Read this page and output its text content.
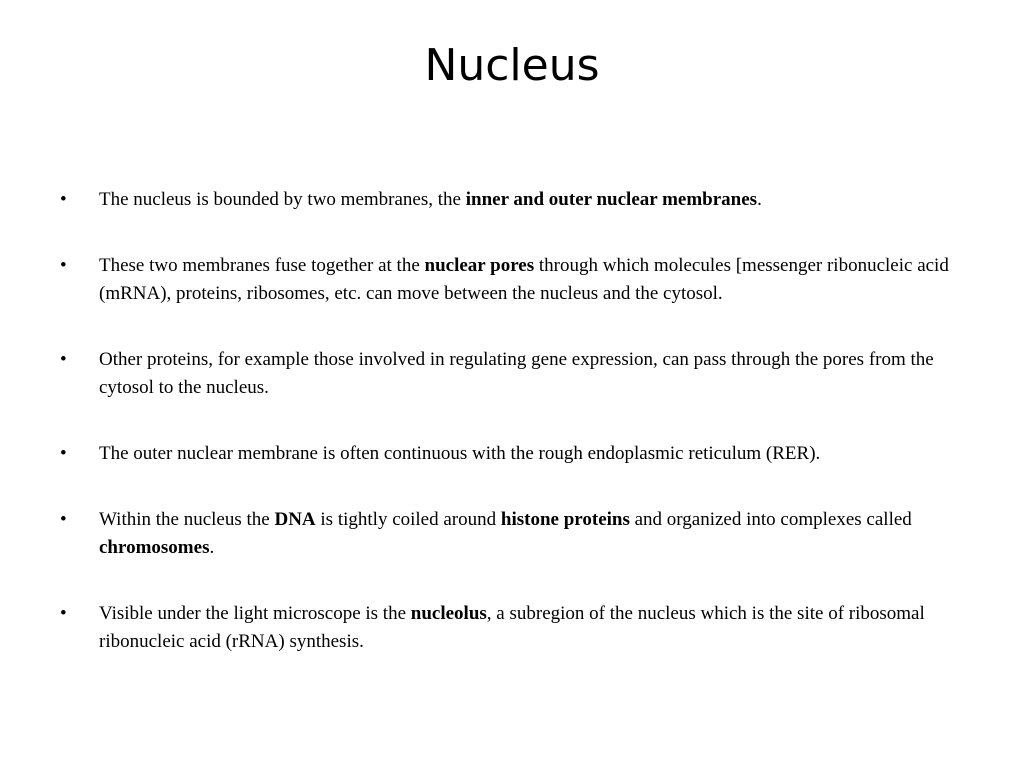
Nucleus
•	The nucleus is bounded by two membranes, the inner and outer nuclear membranes.
•	These two membranes fuse together at the nuclear pores through which molecules [messenger ribonucleic acid (mRNA), proteins, ribosomes, etc. can move between the nucleus and the cytosol.
•	Other proteins, for example those involved in regulating gene expression, can pass through the pores from the cytosol to the nucleus.
•	The outer nuclear membrane is often continuous with the rough endoplasmic reticulum (RER).
•	Within the nucleus the DNA is tightly coiled around histone proteins and organized into complexes called chromosomes.
•	Visible under the light microscope is the nucleolus, a subregion of the nucleus which is the site of ribosomal ribonucleic acid (rRNA) synthesis.
